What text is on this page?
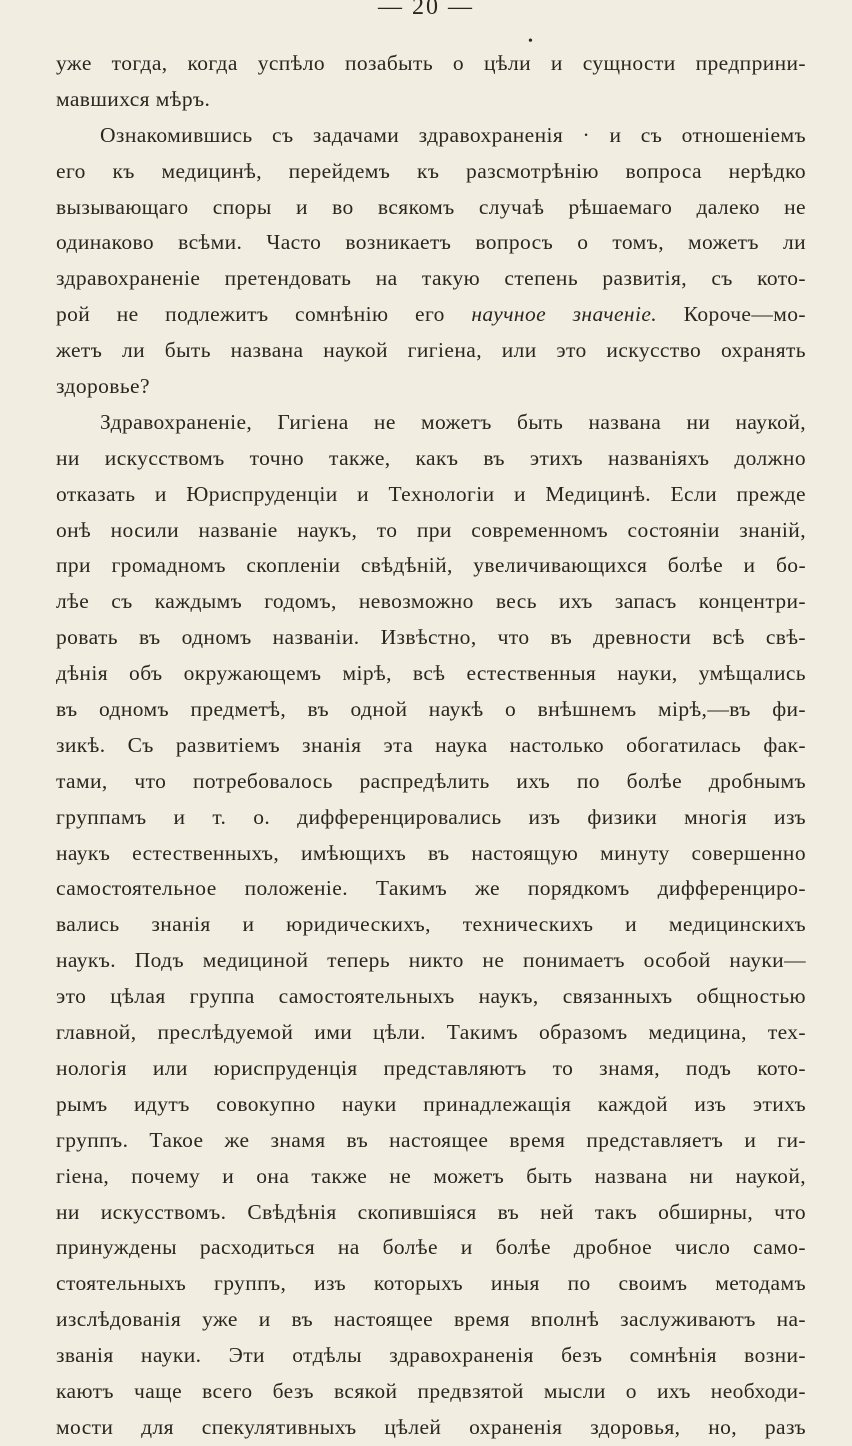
— 20 —
•
уже тогда, когда успѣло позабыть о цѣли и сущности предприни-
мавшихся мѣръ.
Ознакомившись съ задачами здравохраненія · и съ отношеніемъ
его къ медицинѣ, перейдемъ къ разсмотрѣнію вопроса нерѣдко
вызывающаго споры и во всякомъ случаѣ рѣшаемаго далеко не
одинаково всѣми. Часто возникаетъ вопросъ о томъ, можетъ ли
здравохраненіе претендовать на такую степень развитія, съ кото-
рой не подлежитъ сомнѣнію его научное значеніе. Короче—мо-
жетъ ли быть названа наукой гигіена, или это искусство охранять
здоровье?
Здравохраненіе, Гигіена не можетъ быть названа ни наукой,
ни искусствомъ точно также, какъ въ этихъ названіяхъ должно
отказать и Юриспруденціи и Технологіи и Медицинѣ. Если прежде
онѣ носили названіе наукъ, то при современномъ состояніи знаній,
при громадномъ скопленіи свѣдѣній, увеличивающихся болѣе и бо-
лѣе съ каждымъ годомъ, невозможно весь ихъ запасъ концентри-
ровать въ одномъ названіи. Извѣстно, что въ древности всѣ свѣ-
дѣнія объ окружающемъ мірѣ, всѣ естественныя науки, умѣщались
въ одномъ предметѣ, въ одной наукѣ о внѣшнемъ мірѣ,—въ фи-
зикѣ. Съ развитіемъ знанія эта наука настолько обогатилась фак-
тами, что потребовалось распредѣлить ихъ по болѣе дробнымъ
группамъ и т. о. дифференцировались изъ физики многія изъ
наукъ естественныхъ, имѣющихъ въ настоящую минуту совершенно
самостоятельное положеніе. Такимъ же порядкомъ дифференциро-
вались знанія и юридическихъ, техническихъ и медицинскихъ
наукъ. Подъ медициной теперь никто не понимаетъ особой науки—
это цѣлая группа самостоятельныхъ наукъ, связанныхъ общностью
главной, преслѣдуемой ими цѣли. Такимъ образомъ медицина, тех-
нологія или юриспруденція представляютъ то знамя, подъ кото-
рымъ идутъ совокупно науки принадлежащія каждой изъ этихъ
группъ. Такое же знамя въ настоящее время представляетъ и ги-
гіена, почему и она также не можетъ быть названа ни наукой,
ни искусствомъ. Свѣдѣнія скопившіяся въ ней такъ обширны, что
принуждены расходиться на болѣе и болѣе дробное число само-
стоятельныхъ группъ, изъ которыхъ иныя по своимъ методамъ
изслѣдованія уже и въ настоящее время вполнѣ заслуживаютъ на-
званія науки. Эти отдѣлы здравохраненія безъ сомнѣнія возни-
каютъ чаще всего безъ всякой предвзятой мысли о ихъ необходи-
мости для спекулятивныхъ цѣлей охраненія здоровья, но, разъ
